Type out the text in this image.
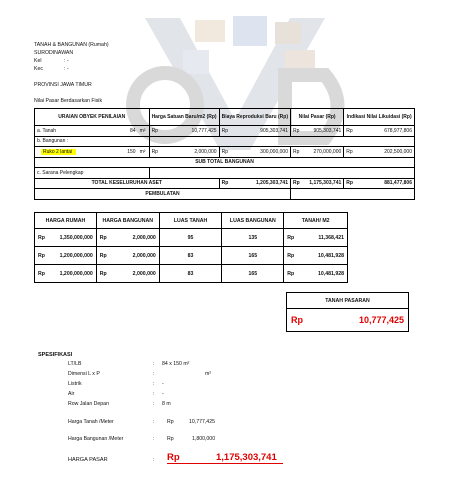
TANAH & BANGUNAN (Rumah)
SURODINAWAN
Kel	: -
Kec	: -
PROVINSI JAWA TIMUR
Nilai Pasar Berdasarkan Fisik
URAIAN OBYEK PENILAIAN			Harga Satuan Baru/m2 (Rp)	Biaya Reproduksi Baru (Rp)	Nilai Pasar (Rp)	Indikasi Nilai Likuidasi (Rp)
a. Tanah	84	m²	Rp 10,777,425	Rp 905,303,741	Rp 905,303,741	Rp 678,977,806

b. Bangunan :						
Ruko 2 lantai	150	m²	Rp 2,000,000	Rp 300,000,000	Rp 270,000,000	Rp 202,500,000

SUB TOTAL BANGUNAN						
c. Sarana Pelengkap						
TOTAL KESELURUHAN ASET				Rp 1,205,303,741	Rp 1,175,303,741	Rp 881,477,806

PEMBULATAN						
HARGA RUMAH	HARGA BANGUNAN	LUAS TANAH	LUAS BANGUNAN	TANAH/ M2

Rp 1,350,000,000	Rp 2,000,000	95	135	Rp 11,368,421

Rp 1,200,000,000	Rp 2,000,000	83	165	Rp 10,481,928

Rp 1,200,000,000	Rp 2,000,000	83	165	Rp 10,481,928
TANAH PASARAN
Rp	10,777,425
SPESIFIKASI
LT/LB	: 84 x 150 m²
Dimensi L x P	:	m²
Listrik	: -
Air	: -
Row Jalan Depan	: 8 m
Harga Tanah /Meter	: Rp	10,777,425
Harga Bangunan /Meter	: Rp	1,800,000
HARGA PASAR	: Rp	1,175,303,741
